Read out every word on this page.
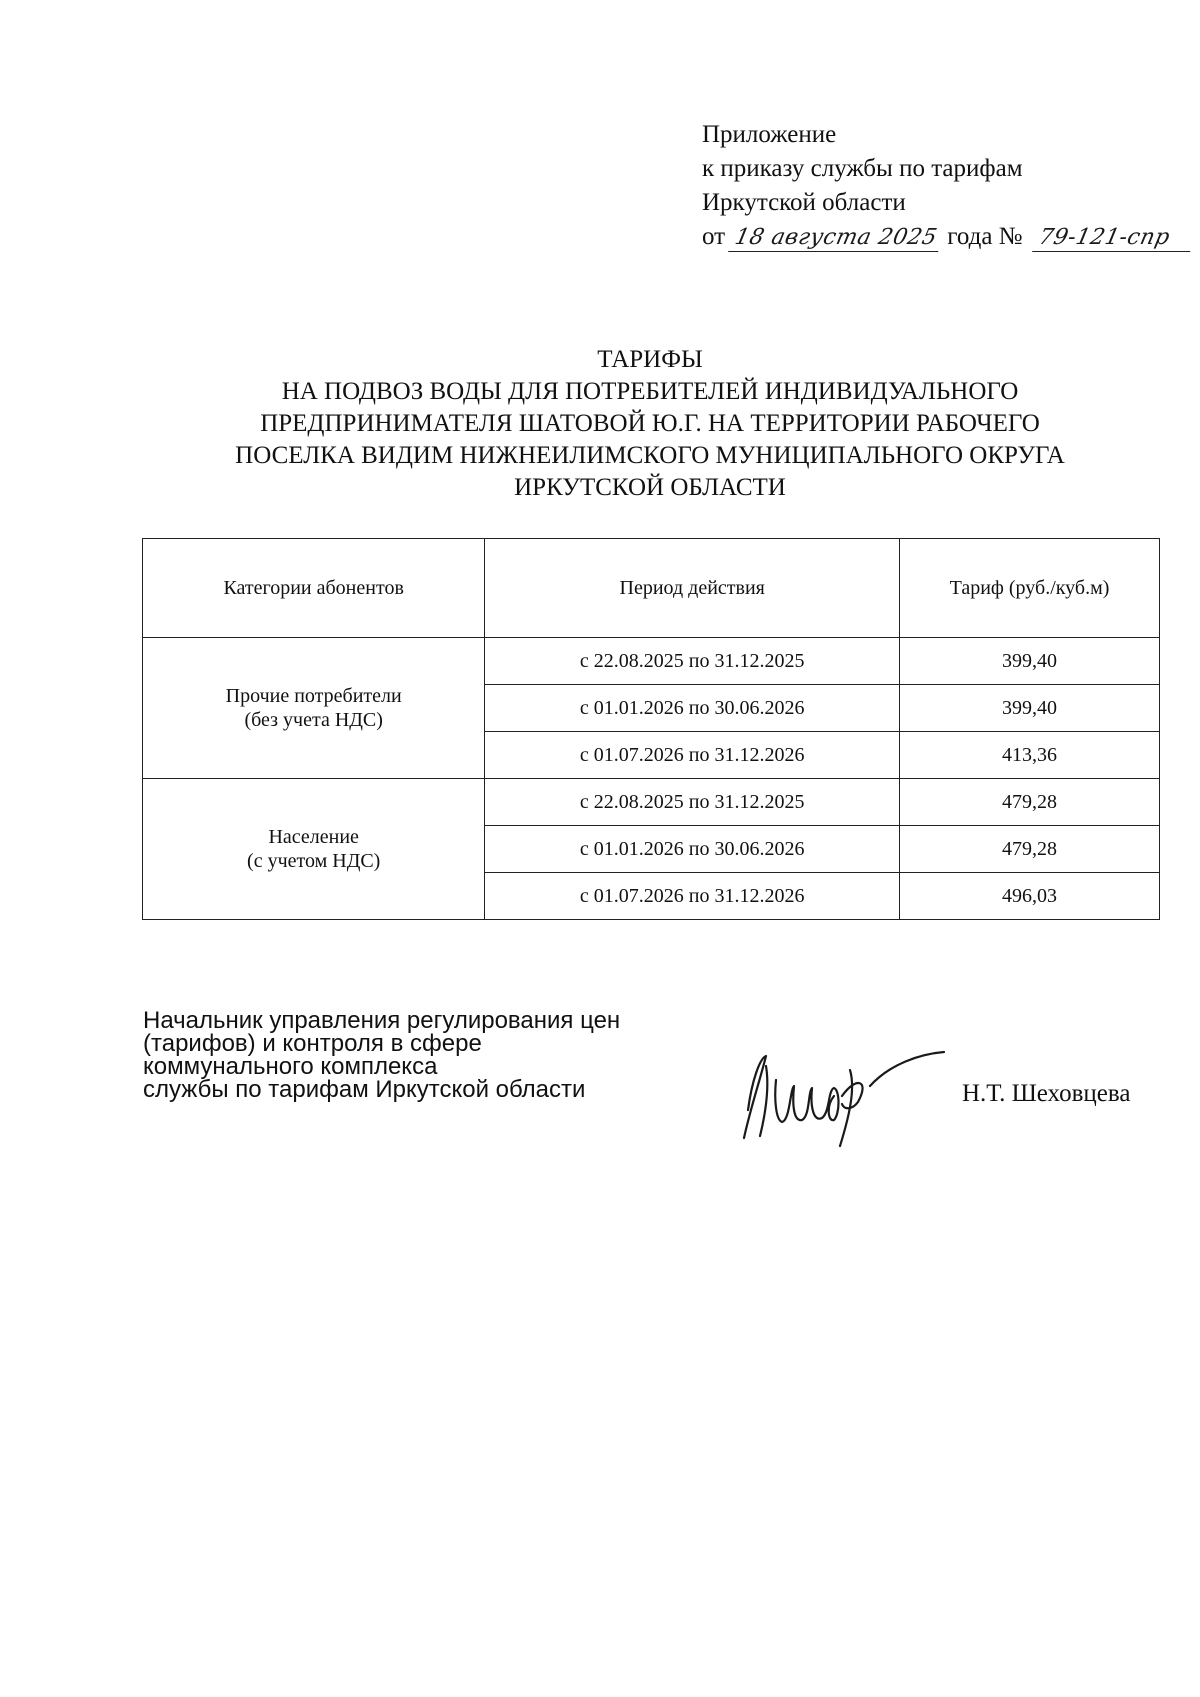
Приложение
к приказу службы по тарифам
Иркутской области
от 18 августа 2025 года № 79-121-спр
ТАРИФЫ
НА ПОДВОЗ ВОДЫ ДЛЯ ПОТРЕБИТЕЛЕЙ ИНДИВИДУАЛЬНОГО
ПРЕДПРИНИМАТЕЛЯ ШАТОВОЙ Ю.Г. НА ТЕРРИТОРИИ РАБОЧЕГО
ПОСЕЛКА ВИДИМ НИЖНЕИЛИМСКОГО МУНИЦИПАЛЬНОГО ОКРУГА
ИРКУТСКОЙ ОБЛАСТИ
Категории абонентов	Период действия	Тариф (руб./куб.м)

Прочие потребители
(без учета НДС)	с 22.08.2025 по 31.12.2025	399,40
	с 01.01.2026 по 30.06.2026	399,40
	с 01.07.2026 по 31.12.2026	413,36

Население
(с учетом НДС)	с 22.08.2025 по 31.12.2025	479,28
	с 01.01.2026 по 30.06.2026	479,28
	с 01.07.2026 по 31.12.2026	496,03
Начальник управления регулирования цен
(тарифов) и контроля в сфере
коммунального комплекса
службы по тарифам Иркутской области	Н.Т. Шеховцева
